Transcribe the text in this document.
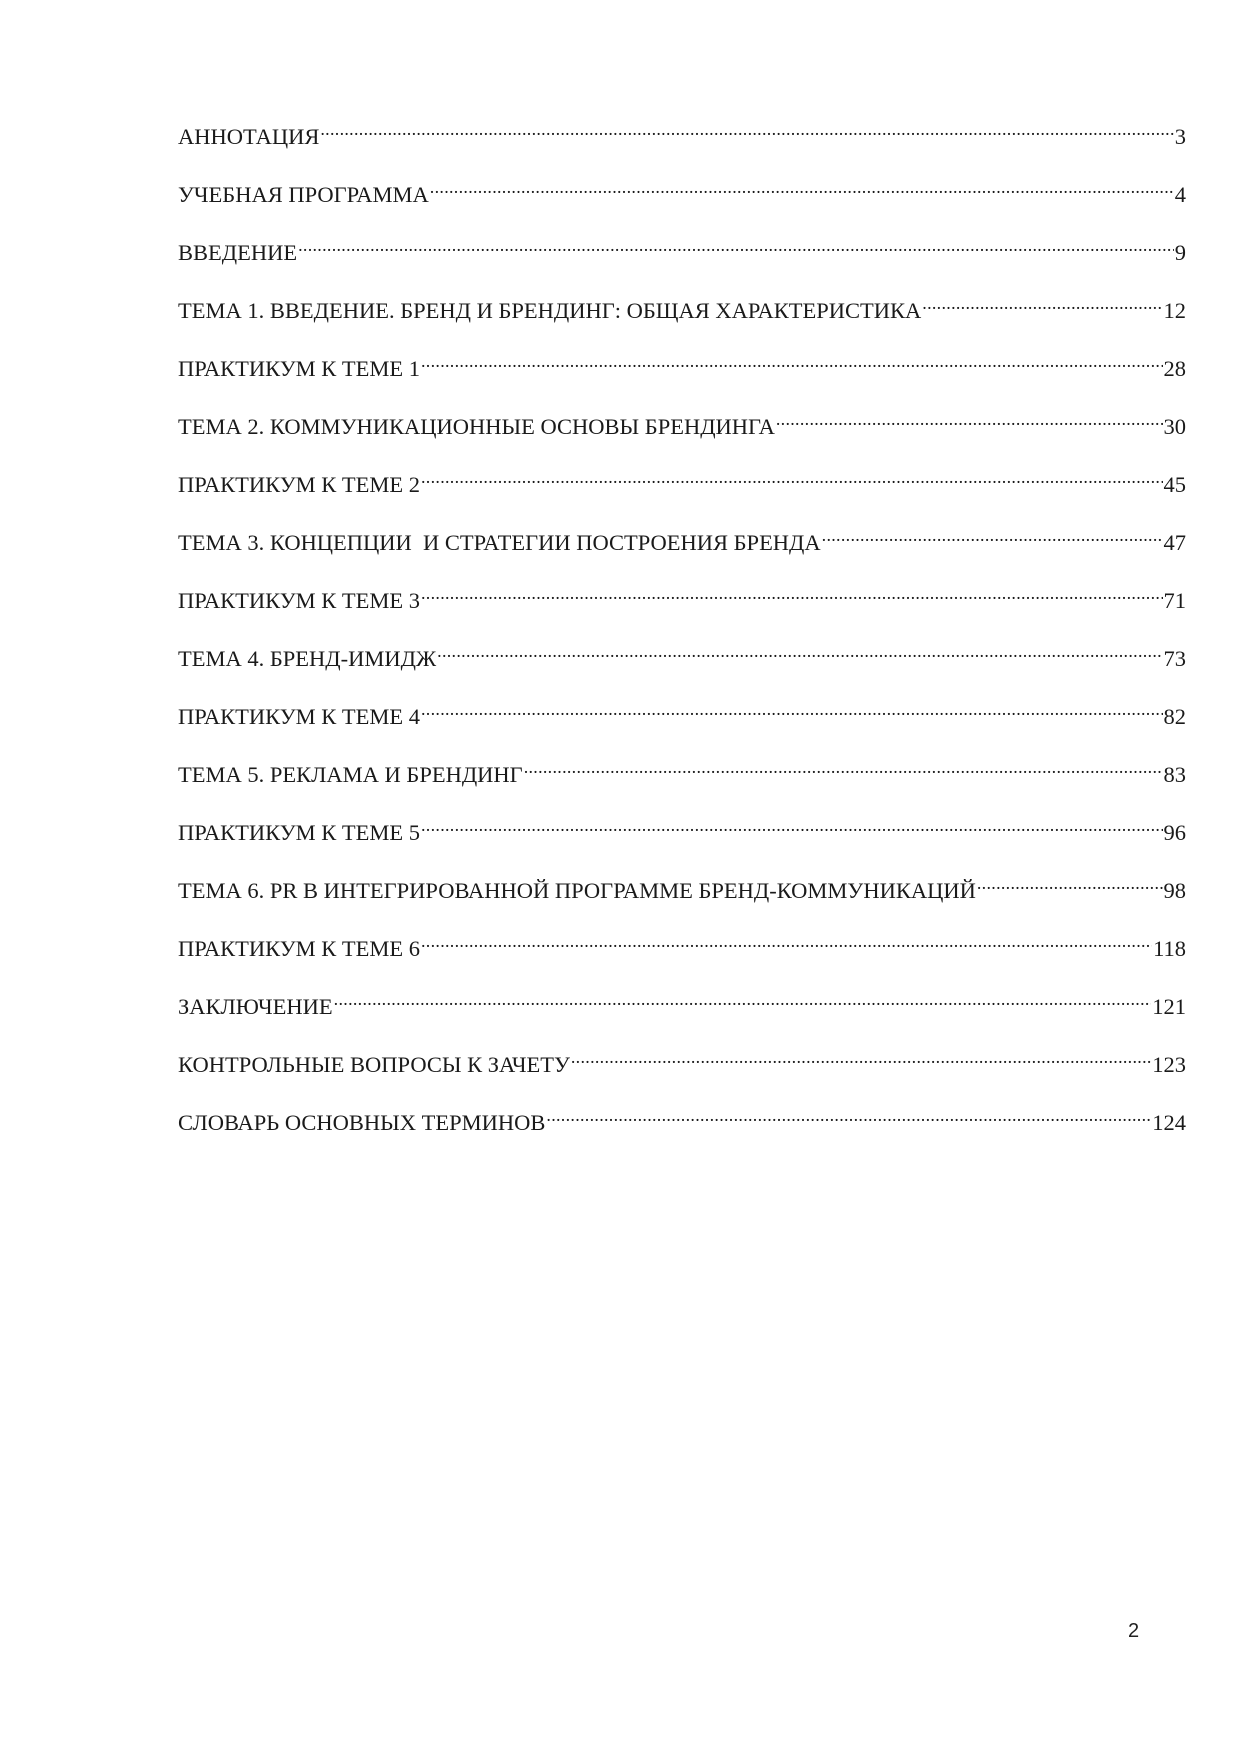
АННОТАЦИЯ .....	3
УЧЕБНАЯ ПРОГРАММА .....	4
ВВЕДЕНИЕ .....	9
ТЕМА 1. ВВЕДЕНИЕ. БРЕНД И БРЕНДИНГ: ОБЩАЯ ХАРАКТЕРИСТИКА .....	12
ПРАКТИКУМ К ТЕМЕ 1 .....	28
ТЕМА 2. КОММУНИКАЦИОННЫЕ ОСНОВЫ БРЕНДИНГА .....	30
ПРАКТИКУМ К ТЕМЕ 2 .....	45
ТЕМА 3. КОНЦЕПЦИИ  И СТРАТЕГИИ ПОСТРОЕНИЯ БРЕНДА .....	47
ПРАКТИКУМ К ТЕМЕ 3 .....	71
ТЕМА 4. БРЕНД-ИМИДЖ .....	73
ПРАКТИКУМ К ТЕМЕ 4 .....	82
ТЕМА 5. РЕКЛАМА И БРЕНДИНГ .....	83
ПРАКТИКУМ К ТЕМЕ 5 .....	96
ТЕМА 6. PR В ИНТЕГРИРОВАННОЙ ПРОГРАММЕ БРЕНД-КОММУНИКАЦИЙ .....	98
ПРАКТИКУМ К ТЕМЕ 6 .....	118
ЗАКЛЮЧЕНИЕ .....	121
КОНТРОЛЬНЫЕ ВОПРОСЫ К ЗАЧЕТУ .....	123
СЛОВАРЬ ОСНОВНЫХ ТЕРМИНОВ .....	124
2
